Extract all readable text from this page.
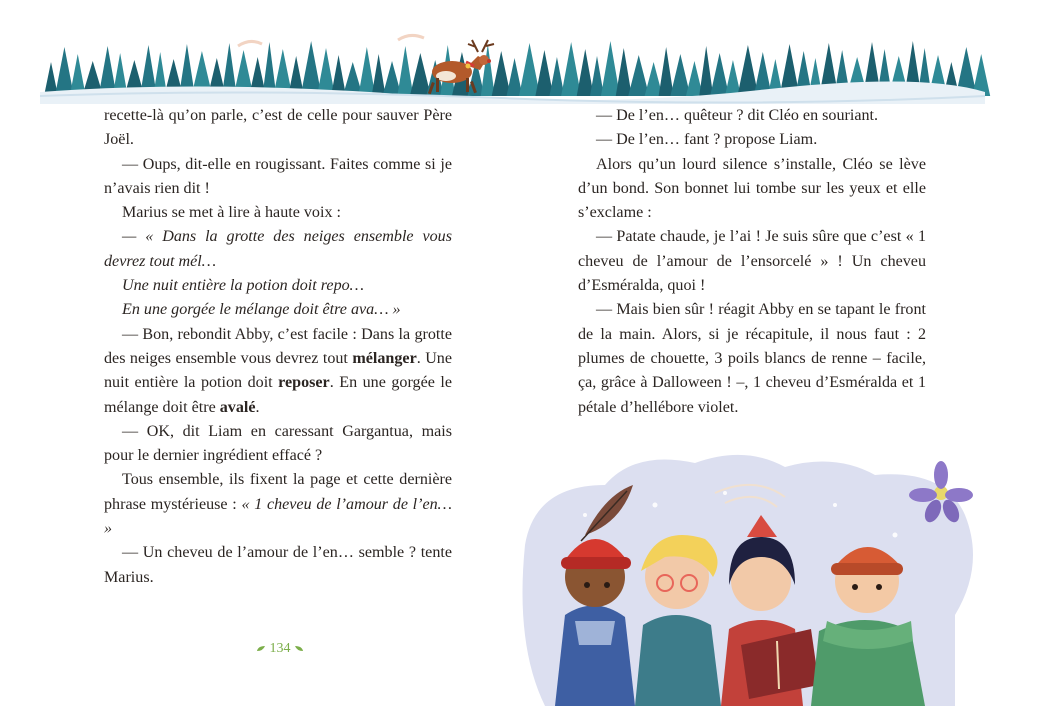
recette-là qu’on parle, c’est de celle pour sauver Père Joël.

— Oups, dit-elle en rougissant. Faites comme si je n’avais rien dit !

Marius se met à lire à haute voix :

— « Dans la grotte des neiges ensemble vous devrez tout mél…

Une nuit entière la potion doit repo…

En une gorgée le mélange doit être ava… »

— Bon, rebondit Abby, c’est facile : Dans la grotte des neiges ensemble vous devrez tout mélanger. Une nuit entière la potion doit reposer. En une gorgée le mélange doit être avalé.

— OK, dit Liam en caressant Gargantua, mais pour le dernier ingrédient effacé ?

Tous ensemble, ils fixent la page et cette dernière phrase mystérieuse : « 1 cheveu de l’amour de l’en… »

— Un cheveu de l’amour de l’en… semble ? tente Marius.

134

— De l’en… quêteur ? dit Cléo en souriant.

— De l’en… fant ? propose Liam.

Alors qu’un lourd silence s’installe, Cléo se lève d’un bond. Son bonnet lui tombe sur les yeux et elle s’exclame :

— Patate chaude, je l’ai ! Je suis sûre que c’est « 1 cheveu de l’amour de l’ensorcelé » ! Un cheveu d’Esméralda, quoi !

— Mais bien sûr ! réagit Abby en se tapant le front de la main. Alors, si je récapitule, il nous faut : 2 plumes de chouette, 3 poils blancs de renne – facile, ça, grâce à Dalloween ! –, 1 cheveu d’Esméralda et 1 pétale d’hellébore violet.
